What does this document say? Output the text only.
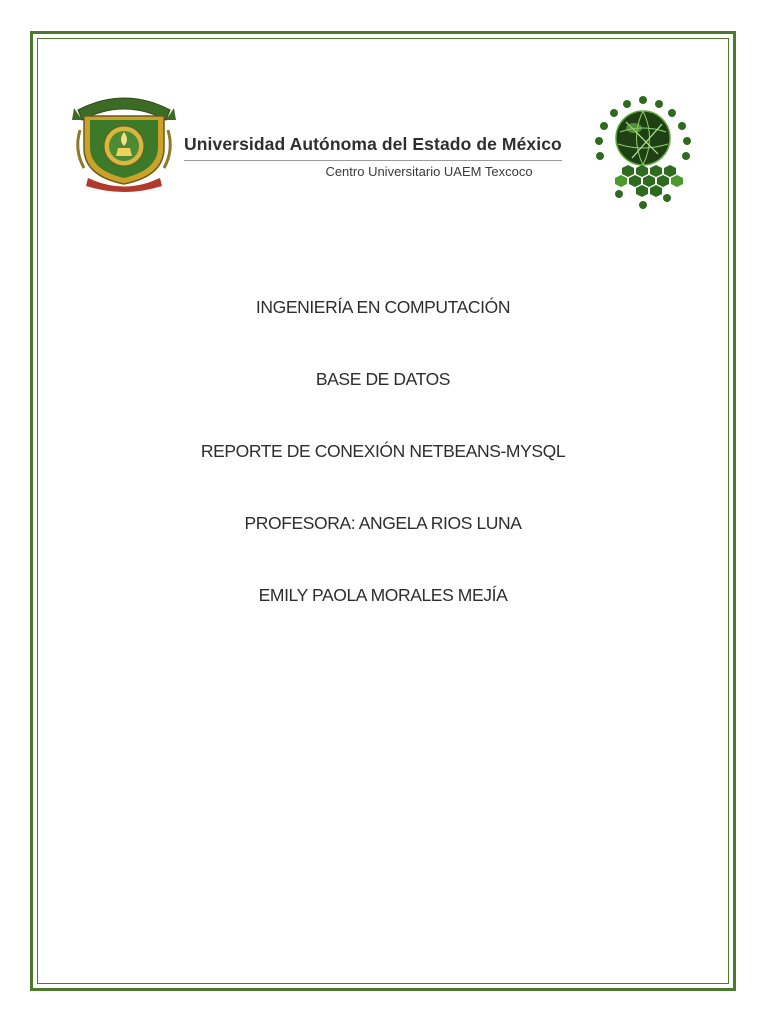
Universidad Autónoma del Estado de México
Centro Universitario UAEM Texcoco
INGENIERÍA EN COMPUTACIÓN
BASE DE DATOS
REPORTE DE CONEXIÓN NETBEANS-MYSQL
PROFESORA: ANGELA RIOS LUNA
EMILY PAOLA MORALES MEJÍA
